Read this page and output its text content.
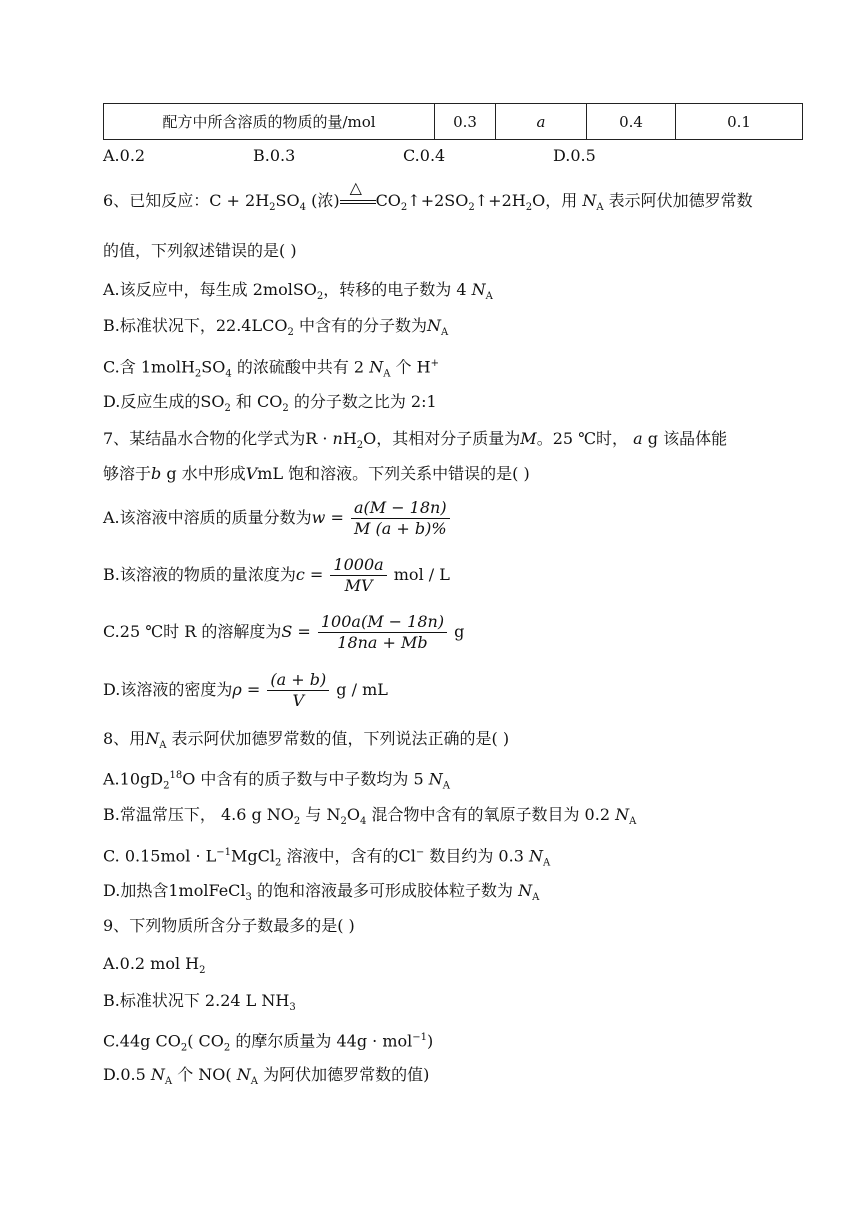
配方中所含溶质的物质的量/mol	0.3	a	0.4	0.1
A.0.2	B.0.3	C.0.4	D.0.5
6、已知反应：$C + 2H_2SO_4$ (浓)
△
$CO_2↑+2SO_2↑+2H_2O$，用 $N_A$ 表示阿伏加德罗常数
的值，下列叙述错误的是( )
A.该反应中，每生成 2molSO$_2$，转移的电子数为 4 $N_A$
B.标准状况下，$22.4LCO_2$ 中含有的分子数为$N_A$
C.含 $1molH_2SO_4$ 的浓硫酸中共有 2 $N_A$ 个 H+
D.反应生成的$SO_2$ 和 $CO_2$ 的分子数之比为 2:1
7、某结晶水合物的化学式为$R \cdot nH_2O$，其相对分子质量为M。25 ℃时， a g 该晶体能
够溶于b g 水中形成VmL 饱和溶液。下列关系中错误的是( )
A.该溶液中溶质的质量分数为$w = \frac{a(M - 18n)}{M (a + b)\%}$
B.该溶液的物质的量浓度为$c = \frac{1000a}{MV}$ mol / L
C.25 ℃时 R 的溶解度为$S = \frac{100a(M - 18n)}{18na + Mb}$ g
D.该溶液的密度为$\rho = \frac{(a + b)}{V}$ g / mL
8、用$N_A$ 表示阿伏加德罗常数的值，下列说法正确的是( )
$A.10gD_2^{18}O$ 中含有的质子数与中子数均为 5 $N_A$
B.常温常压下， 4.6 g $NO_2$ 与 $N_2O_4$ 混合物中含有的氧原子数目为 0.2 $N_A$
C. $0.15mol \cdot L^{-1}MgCl_2$ 溶液中，含有的Cl− 数目约为 0.3 $N_A$
D.加热含1molFeCl$_3$ 的饱和溶液最多可形成胶体粒子数为 $N_A$
9、下列物质所含分子数最多的是( )
A.0.2 mol $H_2$
B.标准状况下 2.24 L $NH_3$
C.44g $CO_2$( $CO_2$ 的摩尔质量为 44g · mol$^{-1}$)
D.0.5 $N_A$ 个 NO( $N_A$ 为阿伏加德罗常数的值)
